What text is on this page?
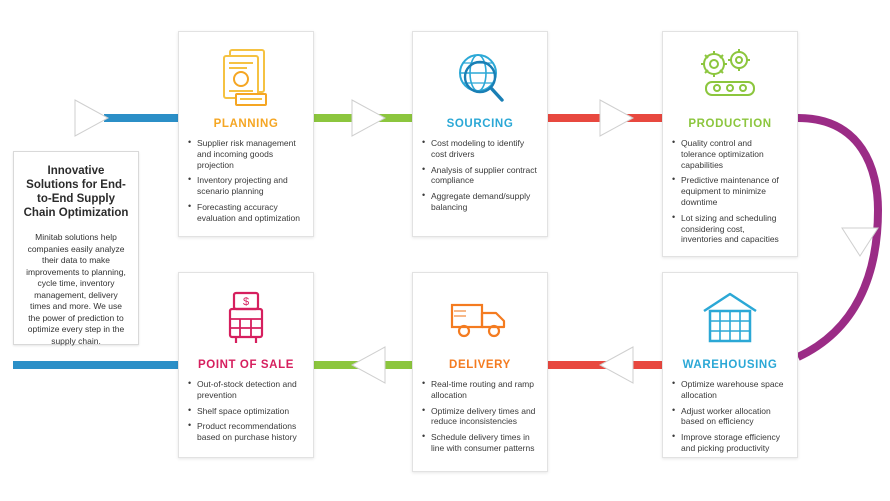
Innovative Solutions for End-to-End Supply Chain Optimization
Minitab solutions help companies easily analyze their data to make improvements to planning, cycle time, inventory management, delivery times and more. We use the power of prediction to optimize every step in the supply chain.
PLANNING
• Supplier risk management and incoming goods projection
• Inventory projecting and scenario planning
• Forecasting accuracy evaluation and optimization
SOURCING
• Cost modeling to identify cost drivers
• Analysis of supplier contract compliance
• Aggregate demand/supply balancing
PRODUCTION
• Quality control and tolerance optimization capabilities
• Predictive maintenance of equipment to minimize downtime
• Lot sizing and scheduling considering cost, inventories and capacities
WAREHOUSING
• Optimize warehouse space allocation
• Adjust worker allocation based on efficiency
• Improve storage efficiency and picking productivity
DELIVERY
• Real-time routing and ramp allocation
• Optimize delivery times and reduce inconsistencies
• Schedule delivery times in line with consumer patterns
$
POINT OF SALE
• Out-of-stock detection and prevention
• Shelf space optimization
• Product recommendations based on purchase history
